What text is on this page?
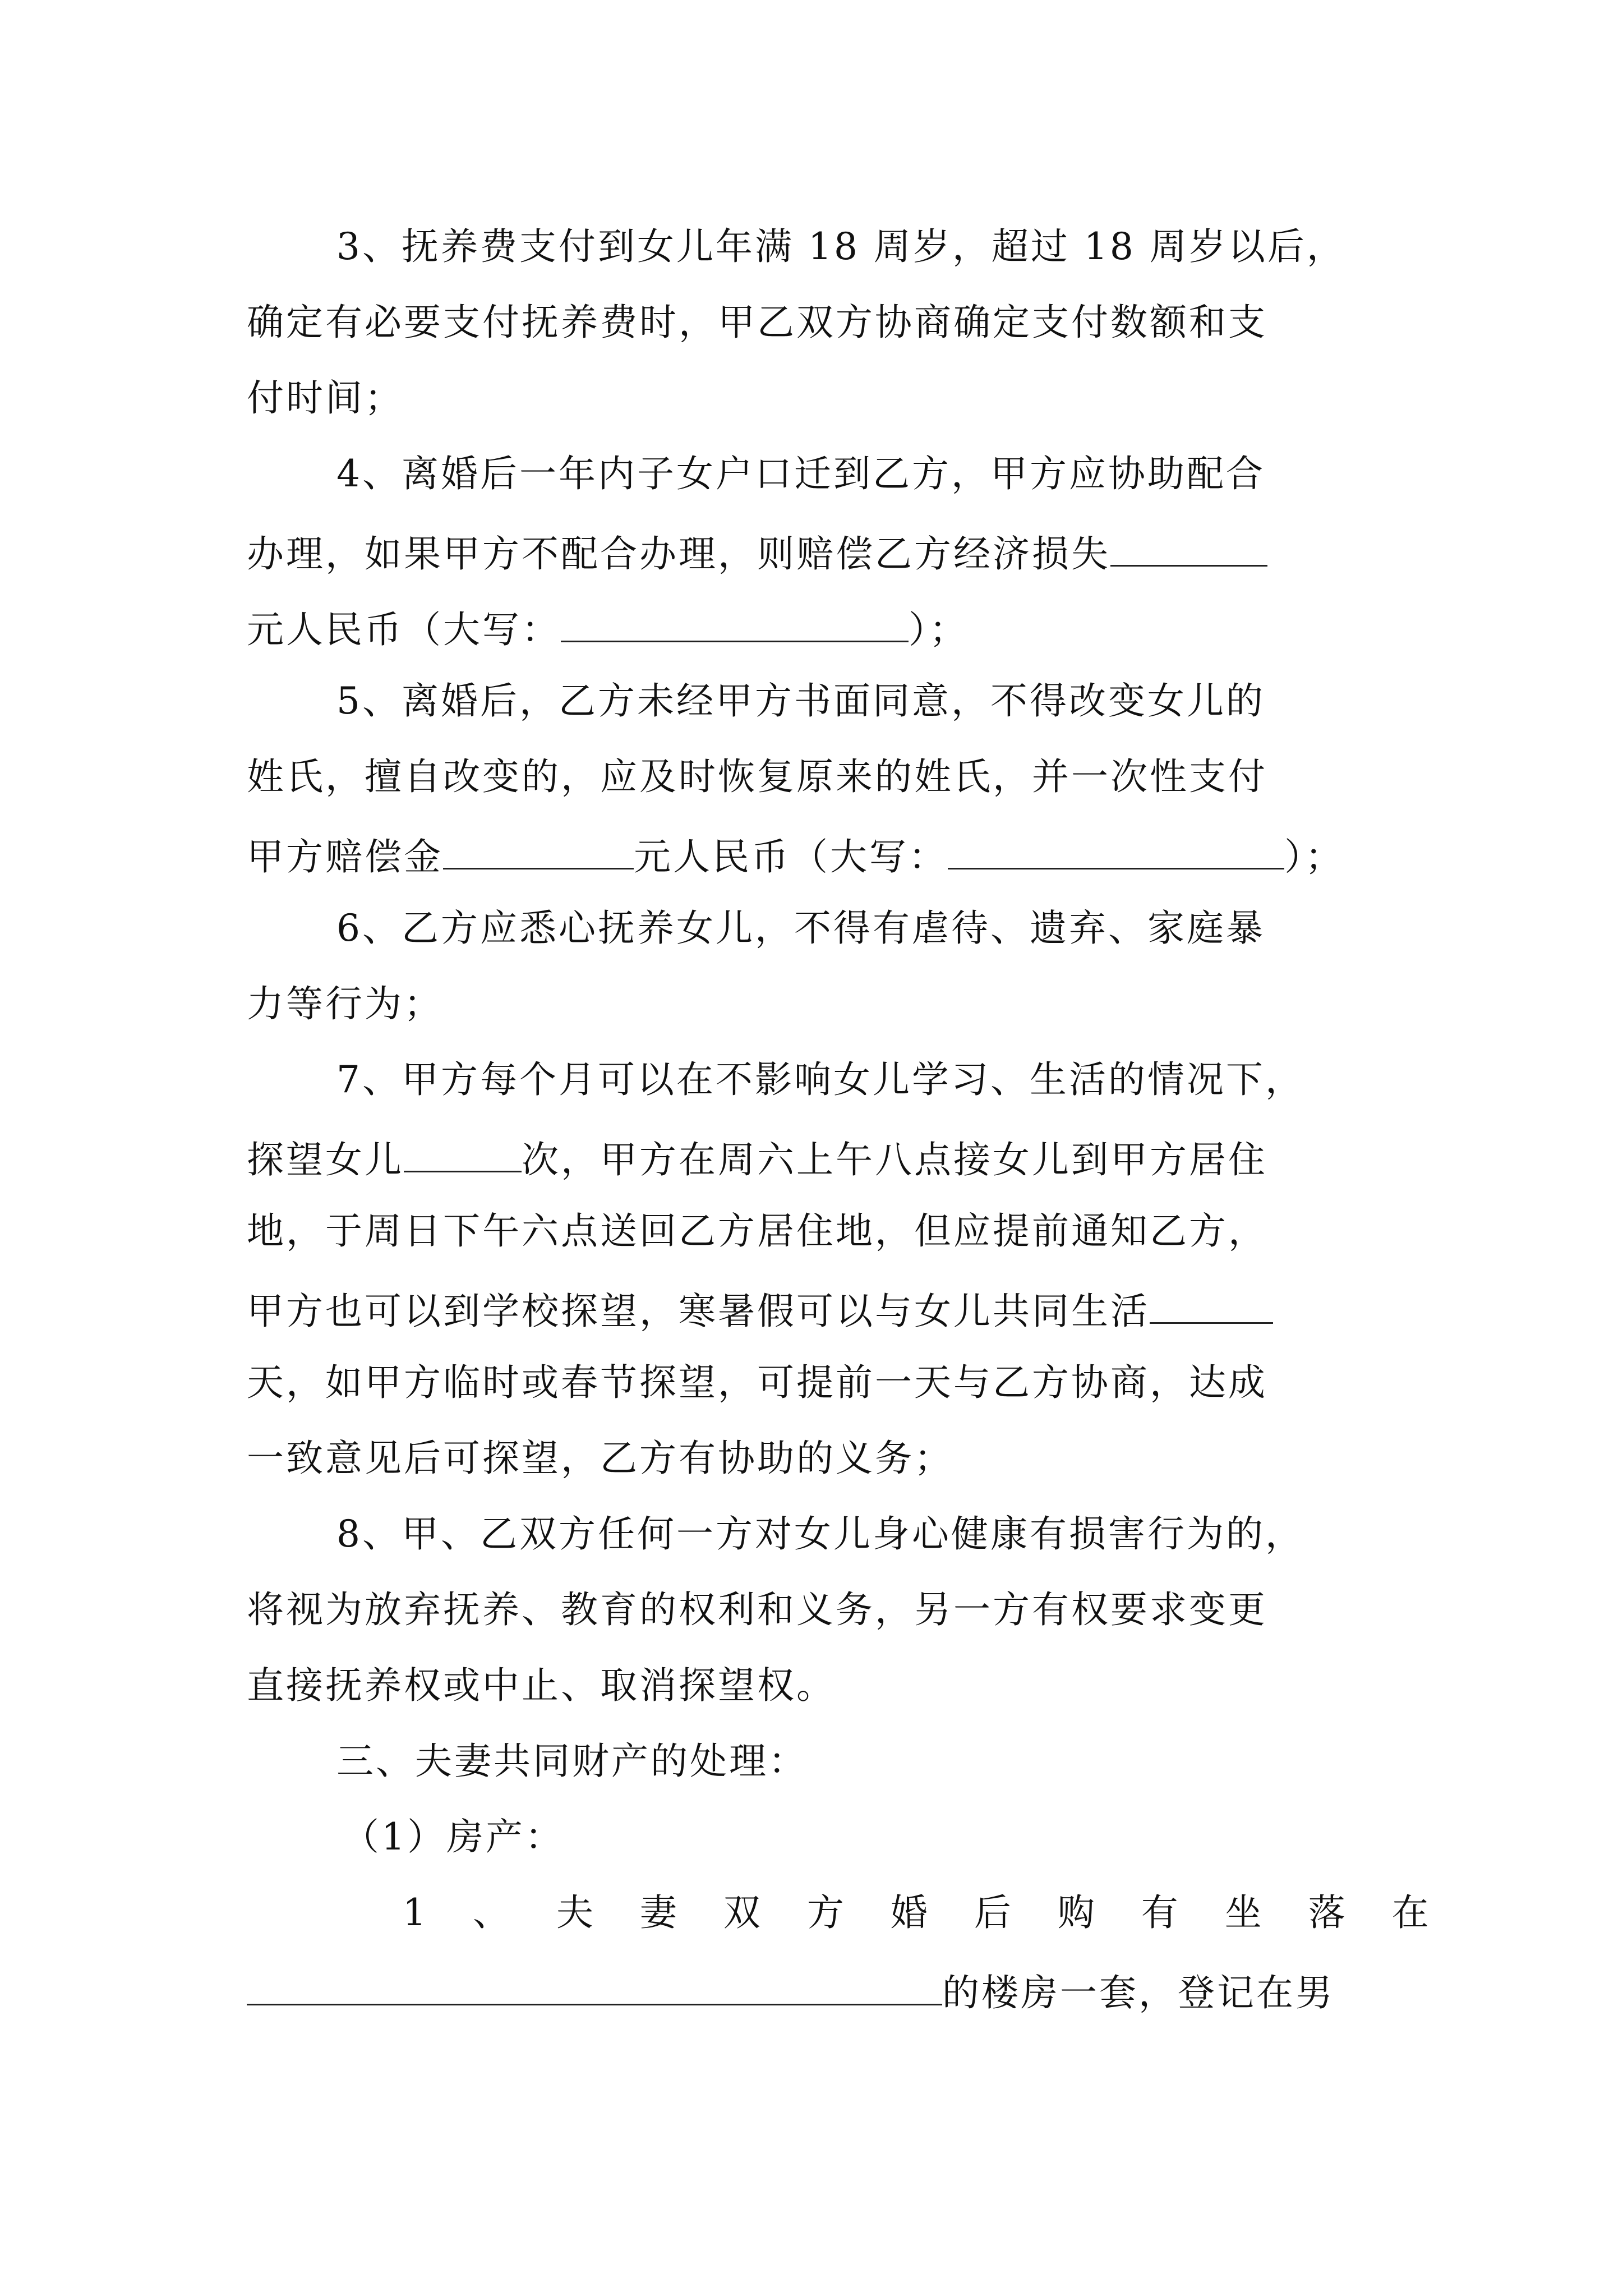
3、抚养费支付到女儿年满 18 周岁，超过 18 周岁以后，
确定有必要支付抚养费时，甲乙双方协商确定支付数额和支
付时间；
4、离婚后一年内子女户口迁到乙方，甲方应协助配合
办理，如果甲方不配合办理，则赔偿乙方经济损失
元人民币（大写：	）；
5、离婚后，乙方未经甲方书面同意，不得改变女儿的
姓氏，擅自改变的，应及时恢复原来的姓氏，并一次性支付
甲方赔偿金	元人民币（大写：	）；
6、乙方应悉心抚养女儿，不得有虐待、遗弃、家庭暴
力等行为；
7、甲方每个月可以在不影响女儿学习、生活的情况下，
探望女儿	次，甲方在周六上午八点接女儿到甲方居住
地，于周日下午六点送回乙方居住地，但应提前通知乙方，
甲方也可以到学校探望，寒暑假可以与女儿共同生活
天，如甲方临时或春节探望，可提前一天与乙方协商，达成
一致意见后可探望，乙方有协助的义务；
8、甲、乙双方任何一方对女儿身心健康有损害行为的，
将视为放弃抚养、教育的权利和义务，另一方有权要求变更
直接抚养权或中止、取消探望权。
三、夫妻共同财产的处理：
（1）房产：
1 、 夫 妻 双 方 婚 后 购 有 坐 落 在
的楼房一套，登记在男
